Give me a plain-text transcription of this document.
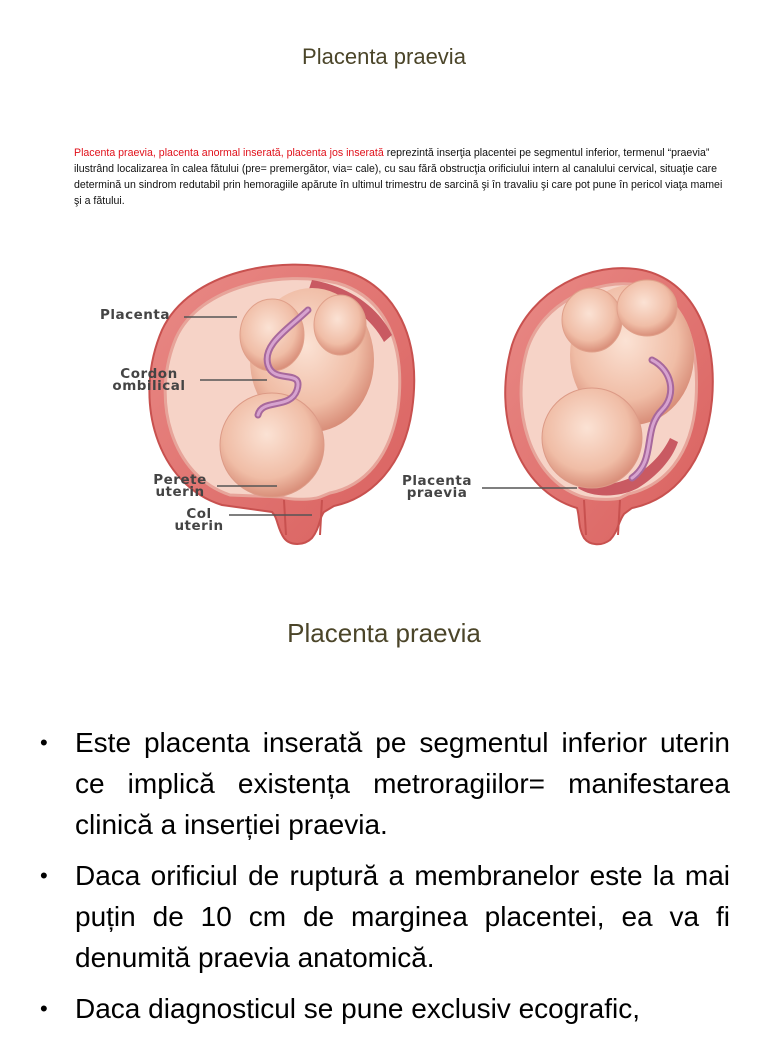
Placenta praevia
Placenta praevia, placenta anormal inserată, placenta jos inserată reprezintă inserţia placentei pe segmentul inferior, termenul “praevia” ilustrând localizarea în calea fătului (pre= premergător, via= cale), cu sau fără obstrucţia orificiului intern al canalului cervical, situaţie care determină un sindrom redutabil prin hemoragiile apărute în ultimul trimestru de sarcină şi în travaliu şi care pot pune în pericol viaţa mamei şi a fătului.
Placenta
Cordon
ombilical
Perete
uterin
Col
uterin
Placenta
praevia
Placenta praevia
• Este placenta inserată pe segmentul inferior uterin ce implică existența metroragiilor= manifestarea clinică a inserției praevia.
• Daca orificiul de ruptură a membranelor este la mai puțin de 10 cm de marginea placentei, ea va fi denumită praevia anatomică.
• Daca diagnosticul se pune exclusiv ecografic,
